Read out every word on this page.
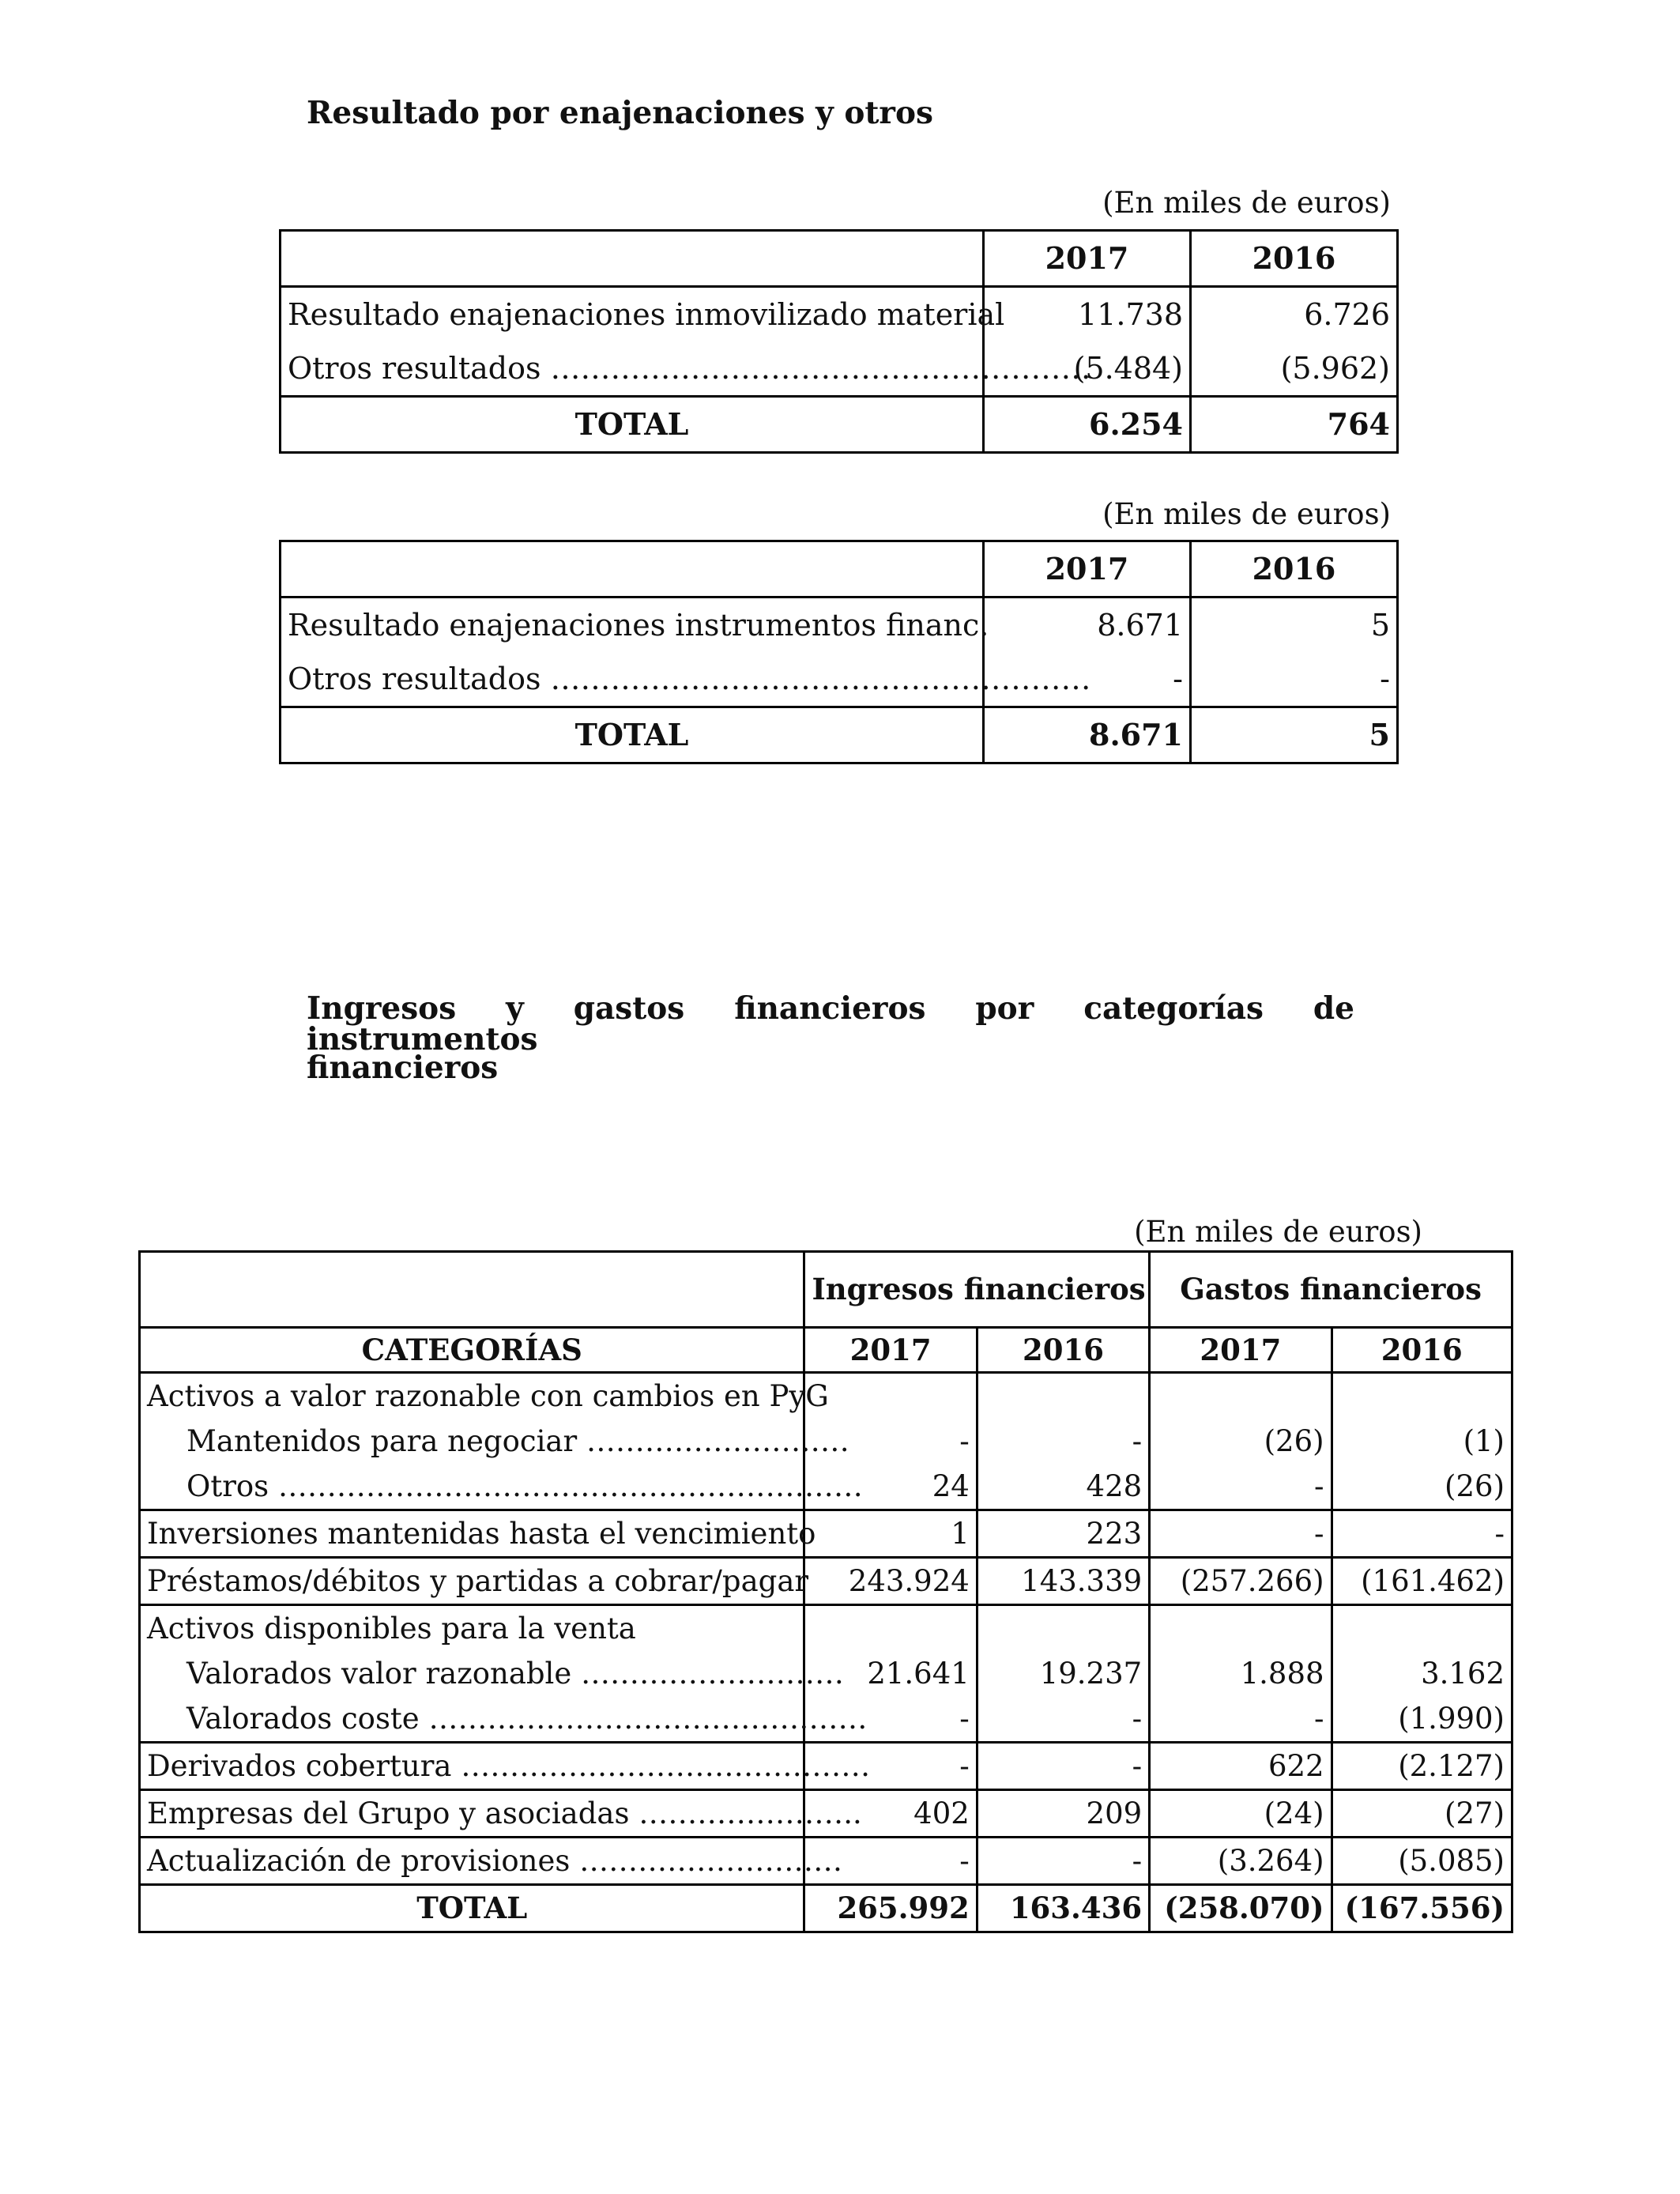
Resultado por enajenaciones y otros
(En miles de euros)
	2017	2016
Resultado enajenaciones inmovilizado material	11.738	6.726
Otros resultados ………………………………………………	(5.484)	(5.962)
TOTAL	6.254	764
(En miles de euros)
	2017	2016
Resultado enajenaciones instrumentos financ.	8.671	5
Otros resultados ………………………………………………	-	-
TOTAL	8.671	5
Ingresos y gastos financieros por categorías de instrumentos
financieros
(En miles de euros)
	Ingresos financieros		Gastos financieros	
CATEGORÍAS	2017	2016	2017	2016
Activos a valor razonable con cambios en PyG				
Mantenidos para negociar ………………………	-	-	(26)	(1)
Otros ……………………………………………………	24	428	-	(26)
Inversiones mantenidas hasta el vencimiento	1	223	-	-
Préstamos/débitos y partidas a cobrar/pagar	243.924	143.339	(257.266)	(161.462)
Activos disponibles para la venta				
Valorados valor razonable ………………………	21.641	19.237	1.888	3.162
Valorados coste ………………………………………	-	-	-	(1.990)
Derivados cobertura ……………………………………	-	-	622	(2.127)
Empresas del Grupo y asociadas …………………..	402	209	(24)	(27)
Actualización de provisiones ………………………	-	-	(3.264)	(5.085)
TOTAL	265.992	163.436	(258.070)	(167.556)
